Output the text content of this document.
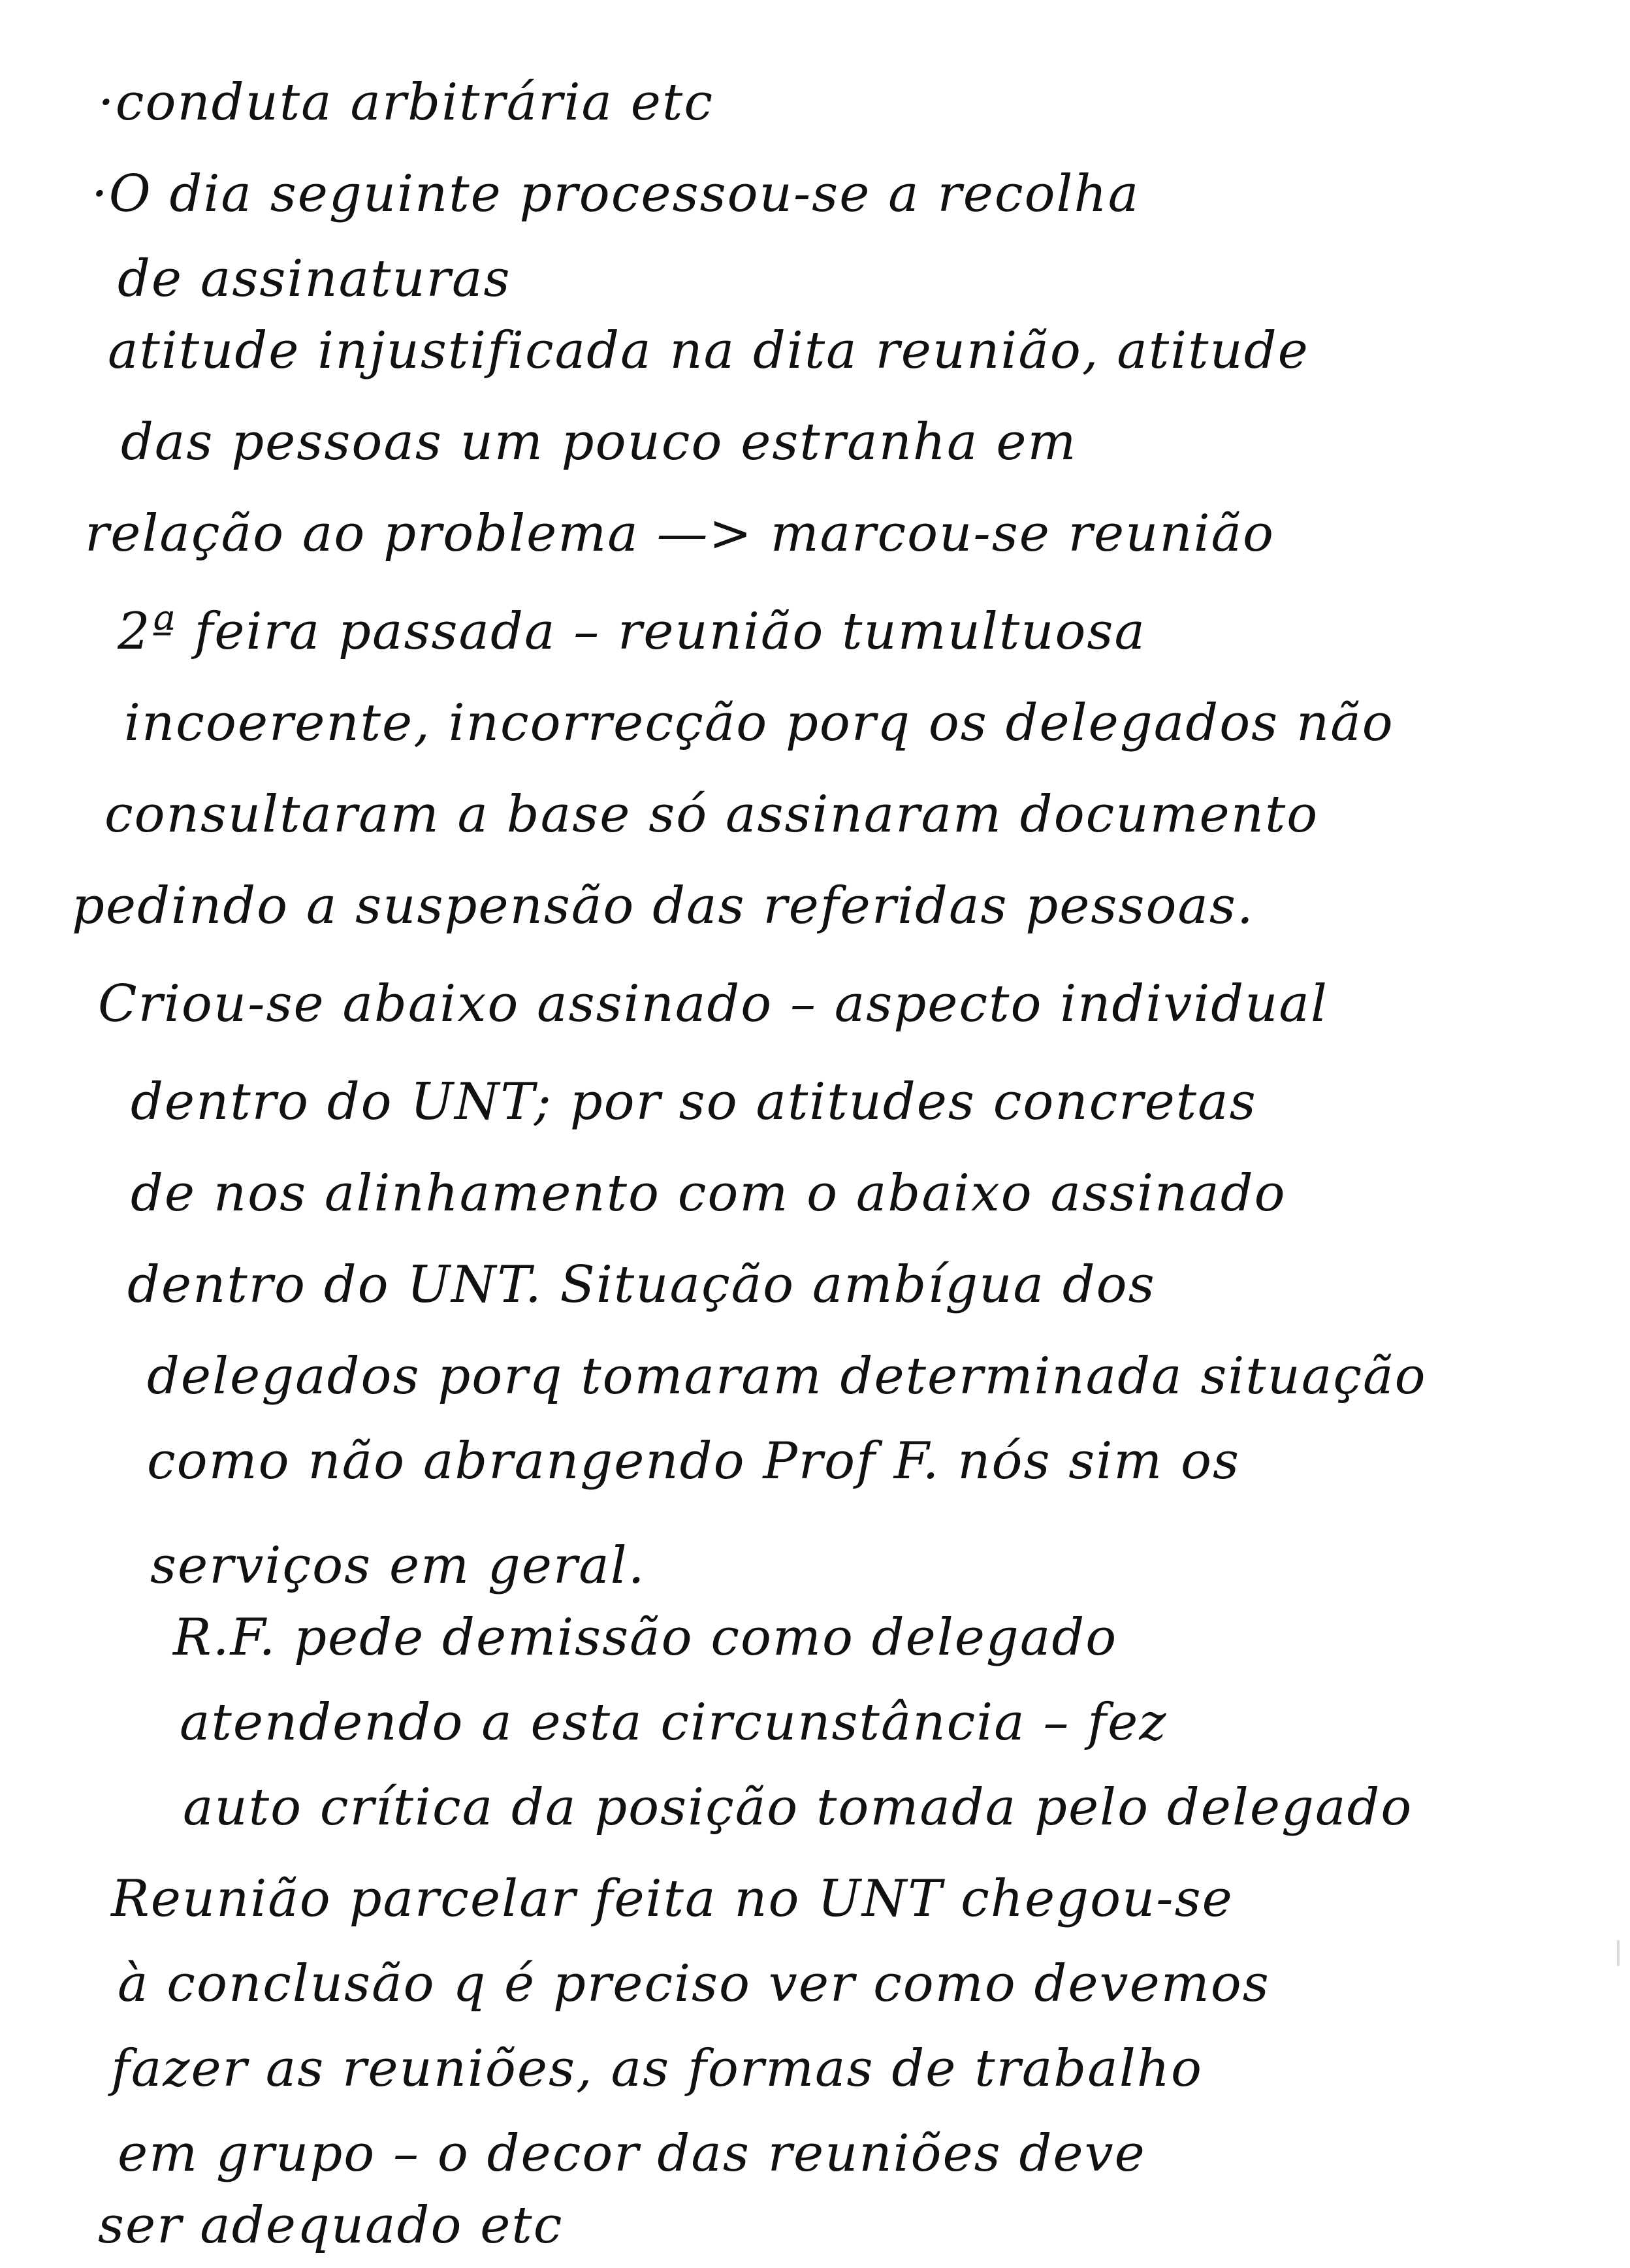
·conduta arbitrária etc
·O dia seguinte processou-se a recolha
de assinaturas
atitude injustificada na dita reunião, atitude
das pessoas um pouco estranha em
relação ao problema —> marcou-se reunião
2ª feira passada – reunião tumultuosa
incoerente, incorrecção porq os delegados não
consultaram a base só assinaram documento
pedindo a suspensão das referidas pessoas.
Criou-se abaixo assinado – aspecto individual
dentro do UNT; por so atitudes concretas
de nos alinhamento com o abaixo assinado
dentro do UNT. Situação ambígua dos
delegados porq tomaram determinada situação
como não abrangendo Prof F. nós sim os
serviços em geral.
R.F. pede demissão como delegado
atendendo a esta circunstância – fez
auto crítica da posição tomada pelo delegado
Reunião parcelar feita no UNT chegou-se
à conclusão q é preciso ver como devemos
fazer as reuniões, as formas de trabalho
em grupo – o decor das reuniões deve
ser adequado etc
